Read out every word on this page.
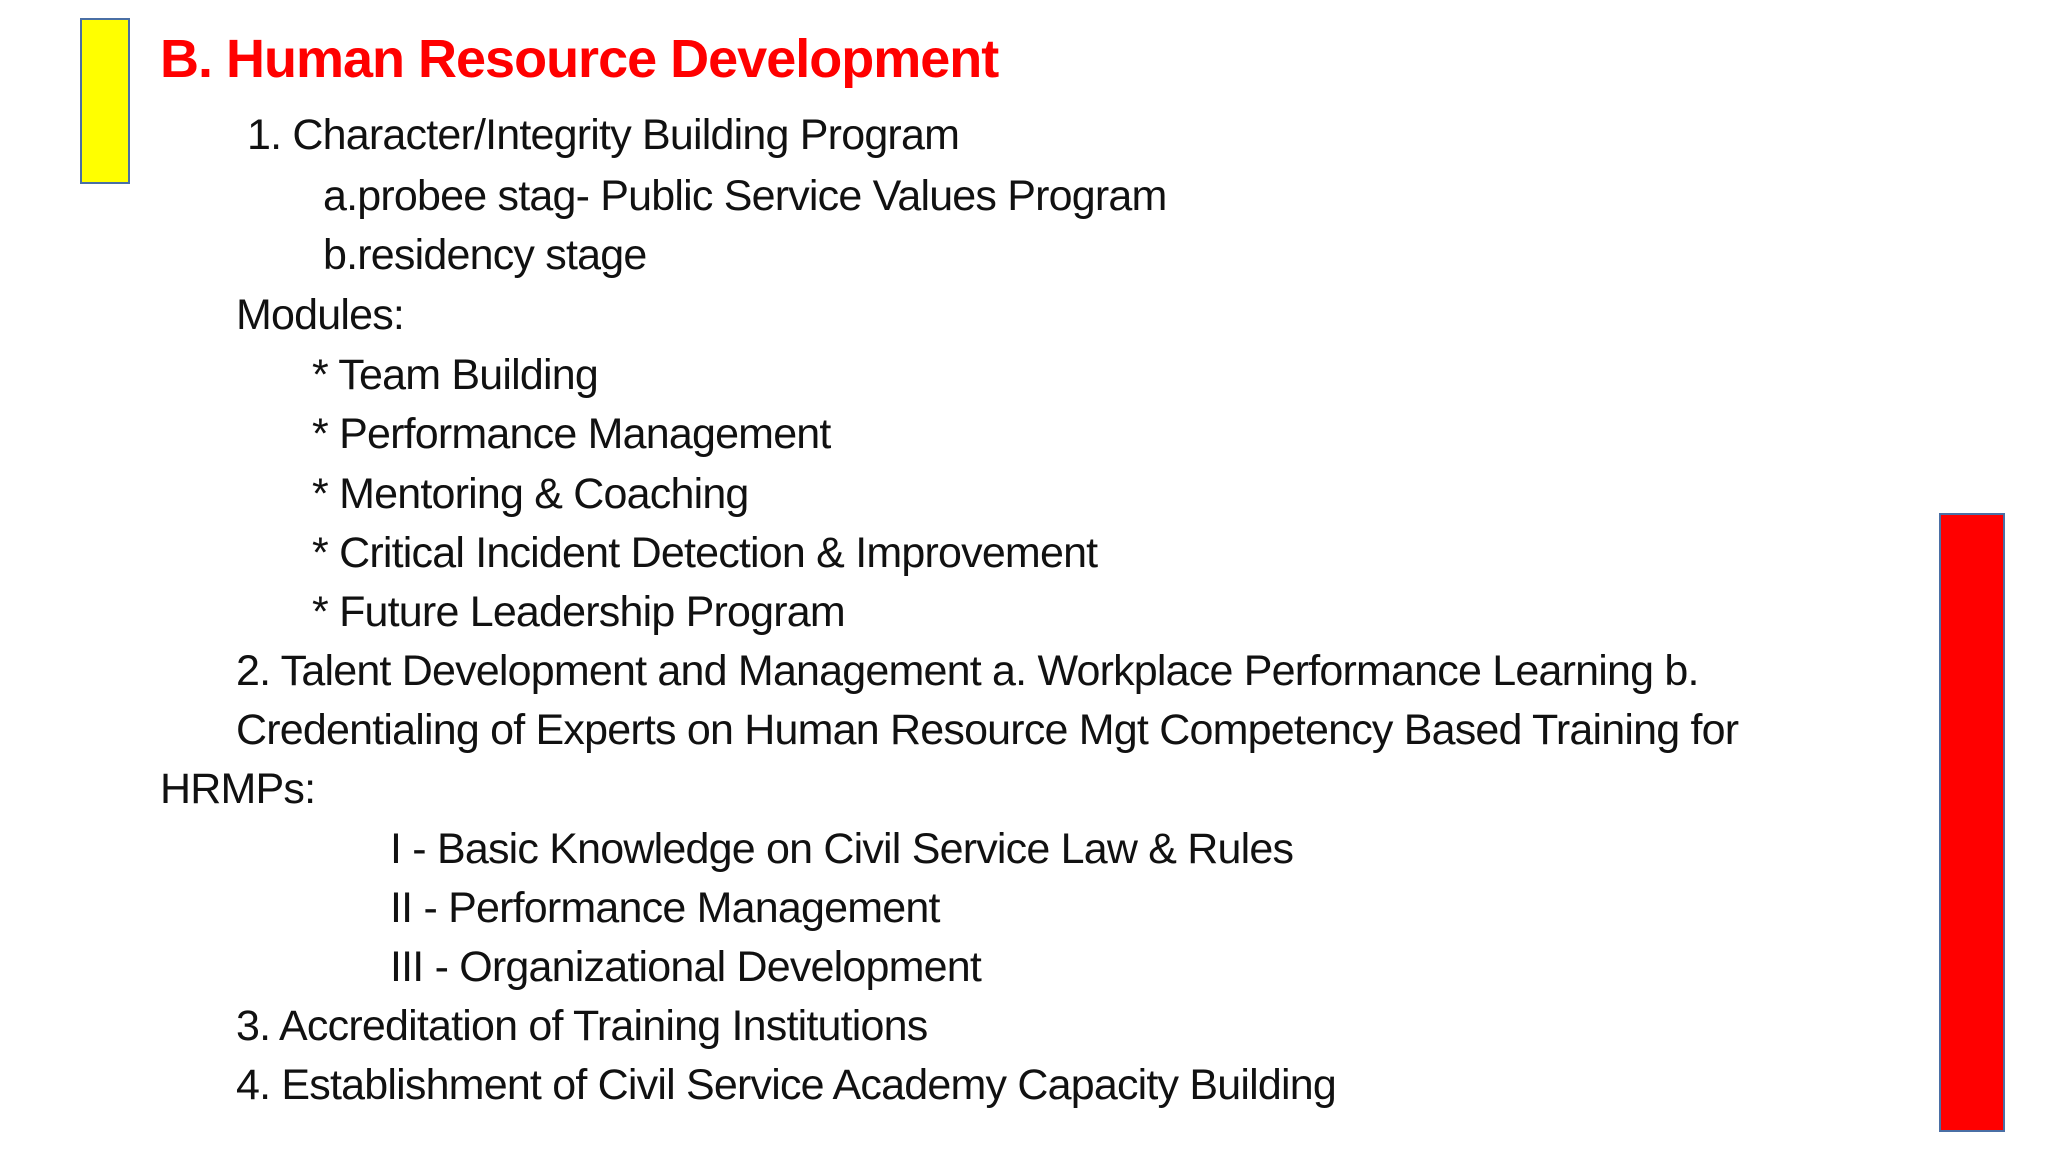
B. Human Resource Development
1. Character/Integrity Building Program
a.probee stag- Public Service Values Program
b.residency stage
Modules:
* Team Building
* Performance Management
* Mentoring & Coaching
* Critical Incident Detection & Improvement
* Future Leadership Program
2. Talent Development and Management a. Workplace Performance Learning b.
Credentialing of Experts on Human Resource Mgt Competency Based Training for
HRMPs:
I - Basic Knowledge on Civil Service Law & Rules
II - Performance Management
III - Organizational Development
3. Accreditation of Training Institutions
4. Establishment of Civil Service Academy Capacity Building
